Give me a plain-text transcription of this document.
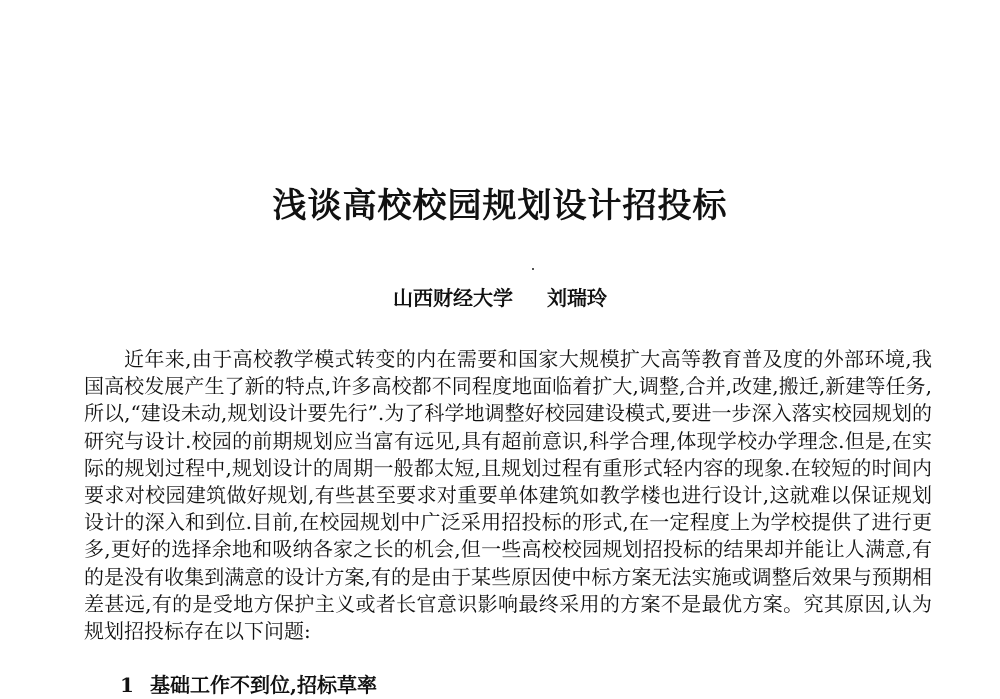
浅谈高校校园规划设计招投标

山西财经大学 刘瑞玲

近年来,由于高校教学模式转变的内在需要和国家大规模扩大高等教育普及度的外部环境,我国高校发展产生了新的特点,许多高校都不同程度地面临着扩大,调整,合并,改建,搬迁,新建等任务,所以,“建设未动,规划设计要先行”.为了科学地调整好校园建设模式,要进一步深入落实校园规划的研究与设计.校园的前期规划应当富有远见,具有超前意识,科学合理,体现学校办学理念.但是,在实际的规划过程中,规划设计的周期一般都太短,且规划过程有重形式轻内容的现象.在较短的时间内要求对校园建筑做好规划,有些甚至要求对重要单体建筑如教学楼也进行设计,这就难以保证规划设计的深入和到位.目前,在校园规划中广泛采用招投标的形式,在一定程度上为学校提供了进行更多,更好的选择余地和吸纳各家之长的机会,但一些高校校园规划招投标的结果却并能让人满意,有的是没有收集到满意的设计方案,有的是由于某些原因使中标方案无法实施或调整后效果与预期相差甚远,有的是受地方保护主义或者长官意识影响最终采用的方案不是最优方案。究其原因,认为规划招投标存在以下问题:

1 基础工作不到位,招标草率
